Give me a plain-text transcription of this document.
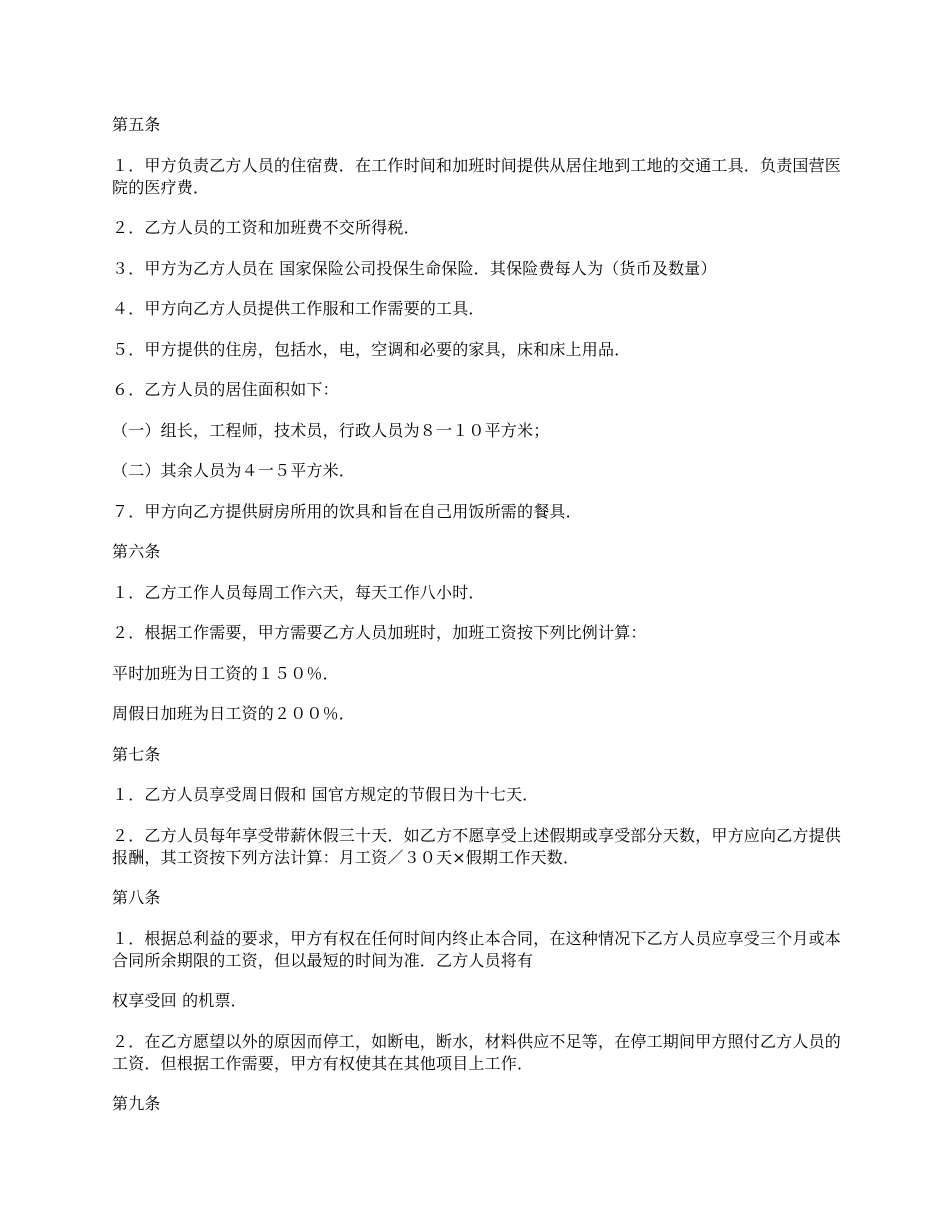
第五条
１．甲方负责乙方人员的住宿费．在工作时间和加班时间提供从居住地到工地的交通工具．负责国营医院的医疗费．
２．乙方人员的工资和加班费不交所得税．
３．甲方为乙方人员在 国家保险公司投保生命保险．其保险费每人为（货币及数量）
４．甲方向乙方人员提供工作服和工作需要的工具．
５．甲方提供的住房，包括水，电，空调和必要的家具，床和床上用品．
６．乙方人员的居住面积如下：
（一）组长，工程师，技术员，行政人员为８一１０平方米；
（二）其余人员为４一５平方米．
７．甲方向乙方提供厨房所用的饮具和旨在自己用饭所需的餐具．
第六条
１．乙方工作人员每周工作六天，每天工作八小时．
２．根据工作需要，甲方需要乙方人员加班时，加班工资按下列比例计算：
平时加班为日工资的１５０％．
周假日加班为日工资的２００％．
第七条
１．乙方人员享受周日假和 国官方规定的节假日为十七天．
２．乙方人员每年享受带薪休假三十天．如乙方不愿享受上述假期或享受部分天数，甲方应向乙方提供报酬，其工资按下列方法计算：月工资／３０天×假期工作天数．
第八条
１．根据总利益的要求，甲方有权在任何时间内终止本合同，在这种情况下乙方人员应享受三个月或本合同所余期限的工资，但以最短的时间为准．乙方人员将有
权享受回 的机票．
２．在乙方愿望以外的原因而停工，如断电，断水，材料供应不足等，在停工期间甲方照付乙方人员的工资．但根据工作需要，甲方有权使其在其他项目上工作．
第九条
